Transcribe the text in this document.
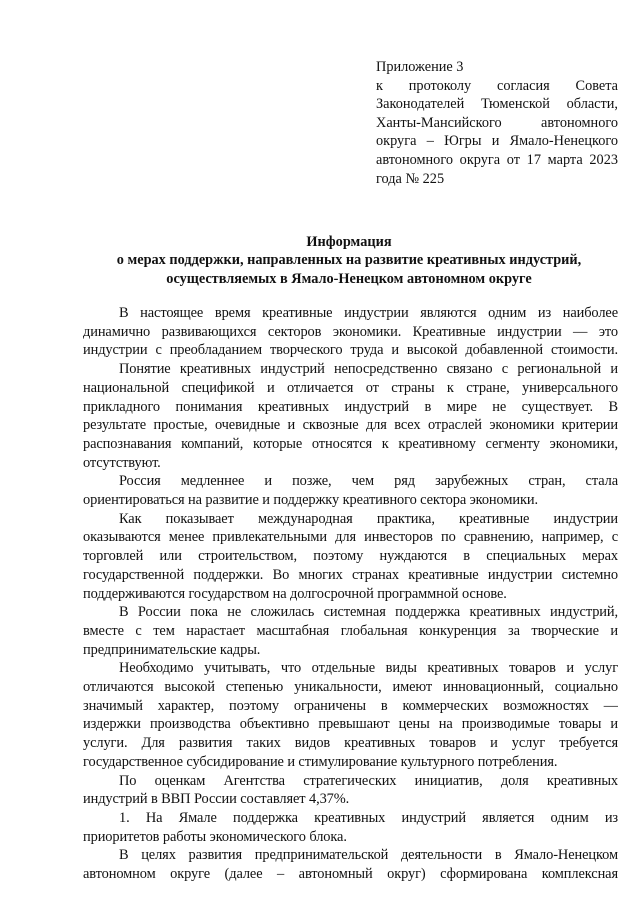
Приложение 3
к протоколу согласия Совета
Законодателей Тюменской области,
Ханты-Мансийского автономного
округа – Югры и Ямало-Ненецкого
автономного округа от 17 марта 2023
года № 225
Информация
о мерах поддержки, направленных на развитие креативных индустрий,
осуществляемых в Ямало-Ненецком автономном округе
В настоящее время креативные индустрии являются одним из наиболее
динамично развивающихся секторов экономики. Креативные индустрии — это
индустрии с преобладанием творческого труда и высокой добавленной стоимости.
Понятие креативных индустрий непосредственно связано с региональной и
национальной спецификой и отличается от страны к стране, универсального
прикладного понимания креативных индустрий в мире не существует. В
результате простые, очевидные и сквозные для всех отраслей экономики критерии
распознавания компаний, которые относятся к креативному сегменту экономики,
отсутствуют.
Россия медленнее и позже, чем ряд зарубежных стран, стала
ориентироваться на развитие и поддержку креативного сектора экономики.
Как показывает международная практика, креативные индустрии
оказываются менее привлекательными для инвесторов по сравнению, например, с
торговлей или строительством, поэтому нуждаются в специальных мерах
государственной поддержки. Во многих странах креативные индустрии системно
поддерживаются государством на долгосрочной программной основе.
В России пока не сложилась системная поддержка креативных индустрий,
вместе с тем нарастает масштабная глобальная конкуренция за творческие и
предпринимательские кадры.
Необходимо учитывать, что отдельные виды креативных товаров и услуг
отличаются высокой степенью уникальности, имеют инновационный, социально
значимый характер, поэтому ограничены в коммерческих возможностях —
издержки производства объективно превышают цены на производимые товары и
услуги. Для развития таких видов креативных товаров и услуг требуется
государственное субсидирование и стимулирование культурного потребления.
По оценкам Агентства стратегических инициатив, доля креативных
индустрий в ВВП России составляет 4,37%.
1. На Ямале поддержка креативных индустрий является одним из
приоритетов работы экономического блока.
В целях развития предпринимательской деятельности в Ямало-Ненецком
автономном округе (далее – автономный округ) сформирована комплексная
